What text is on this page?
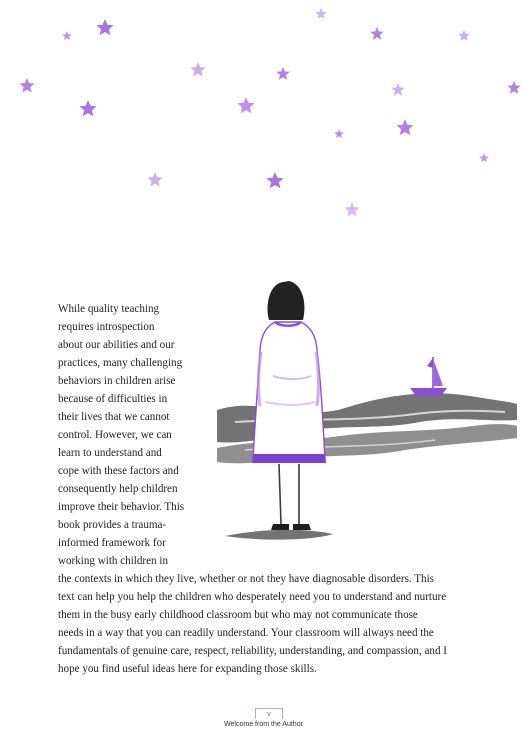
While quality teaching

requires introspection

about our abilities and our

practices, many challenging

behaviors in children arise

because of difficulties in

their lives that we cannot

control. However, we can

learn to understand and

cope with these factors and

consequently help children

improve their behavior. This

book provides a trauma-

informed framework for

working with children in

the contexts in which they live, whether or not they have diagnosable disorders. This

text can help you help the children who desperately need you to understand and nurture

them in the busy early childhood classroom but who may not communicate those

needs in a way that you can readily understand. Your classroom will always need the

fundamentals of genuine care, respect, reliability, understanding, and compassion, and I

hope you find useful ideas here for expanding those skills.

v
Welcome from the Author
